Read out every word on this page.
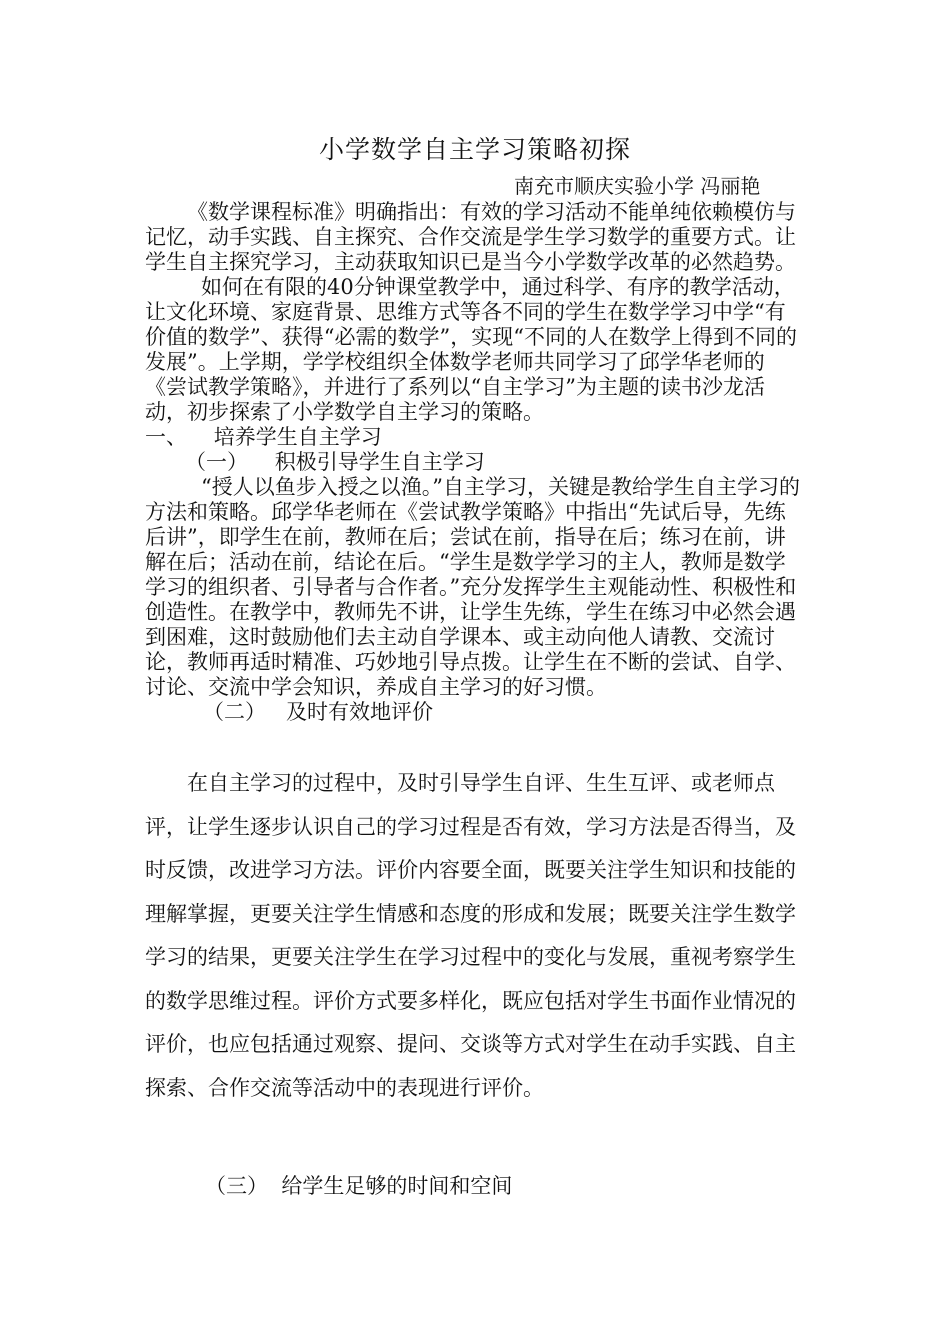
小学数学自主学习策略初探
南充市顺庆实验小学 冯丽艳

《数学课程标准》明确指出：有效的学习活动不能单纯依赖模仿与记忆，动手实践、自主探究、合作交流是学生学习数学的重要方式。让学生自主探究学习，主动获取知识已是当今小学数学改革的必然趋势。

如何在有限的40分钟课堂教学中，通过科学、有序的教学活动，让文化环境、家庭背景、思维方式等各不同的学生在数学学习中学“有价值的数学”、获得“必需的数学”，实现“不同的人在数学上得到不同的发展”。上学期，学学校组织全体数学老师共同学习了邱学华老师的《尝试教学策略》，并进行了系列以“自主学习”为主题的读书沙龙活动，初步探索了小学数学自主学习的策略。

一、    培养学生自主学习

（一）    积极引导学生自主学习

“授人以鱼步入授之以渔。”自主学习，关键是教给学生自主学习的方法和策略。邱学华老师在《尝试教学策略》中指出“先试后导，先练后讲”，即学生在前，教师在后；尝试在前，指导在后；练习在前，讲解在后；活动在前，结论在后。“学生是数学学习的主人，教师是数学学习的组织者、引导者与合作者。”充分发挥学生主观能动性、积极性和创造性。在教学中，教师先不讲，让学生先练，学生在练习中必然会遇到困难，这时鼓励他们去主动自学课本、或主动向他人请教、交流讨论，教师再适时精准、巧妙地引导点拨。让学生在不断的尝试、自学、讨论、交流中学会知识，养成自主学习的好习惯。

（二）   及时有效地评价

在自主学习的过程中，及时引导学生自评、生生互评、或老师点评，让学生逐步认识自己的学习过程是否有效，学习方法是否得当，及时反馈，改进学习方法。评价内容要全面，既要关注学生知识和技能的理解掌握，更要关注学生情感和态度的形成和发展；既要关注学生数学学习的结果，更要关注学生在学习过程中的变化与发展，重视考察学生的数学思维过程。评价方式要多样化，既应包括对学生书面作业情况的评价，也应包括通过观察、提问、交谈等方式对学生在动手实践、自主探索、合作交流等活动中的表现进行评价。

（三）  给学生足够的时间和空间
